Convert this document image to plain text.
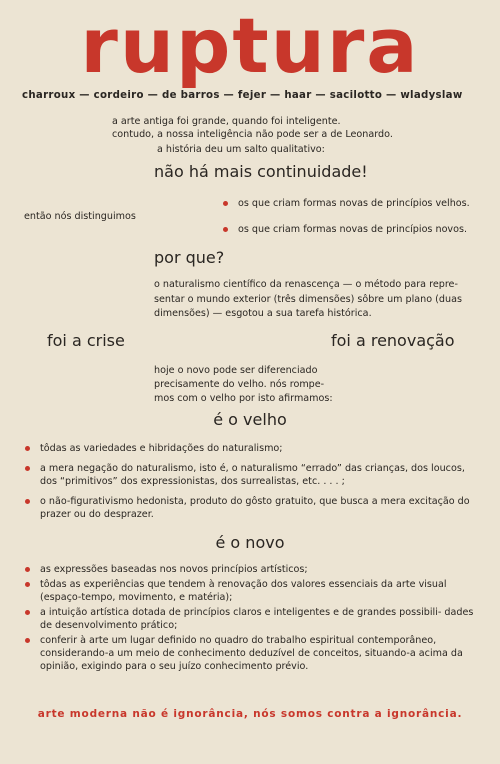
ruptura
charroux — cordeiro — de barros — fejer — haar — sacilotto — wladyslaw
a arte antiga foi grande, quando foi inteligente.
contudo, a nossa inteligência não pode ser a de Leonardo.
a história deu um salto qualitativo:
não há mais continuidade!
os que criam formas novas de princípios velhos.
então nós distinguimos
os que criam formas novas de princípios novos.
por que?
o naturalismo científico da renascença — o método para repre-
sentar o mundo exterior (três dimensões) sôbre um plano (duas
dimensões) — esgotou a sua tarefa histórica.
foi a crise	foi a renovação
hoje o novo pode ser diferenciado
precisamente do velho. nós rompe-
mos com o velho por isto afirmamos:
é o velho
tôdas as variedades e hibridações do naturalismo;
a mera negação do naturalismo, isto é, o naturalismo “errado” das crianças, dos loucos, dos “primitivos” dos expressionistas, dos surrealistas, etc. . . . ;
o não-figurativismo hedonista, produto do gôsto gratuito, que busca a mera excitação do prazer ou do desprazer.
é o novo
as expressões baseadas nos novos princípios artísticos;
tôdas as experiências que tendem à renovação dos valores essenciais da arte visual (espaço-tempo, movimento, e matéria);
a intuição artística dotada de princípios claros e inteligentes e de grandes possibili- dades de desenvolvimento prático;
conferir à arte um lugar definido no quadro do trabalho espiritual contemporâneo, considerando-a um meio de conhecimento deduzível de conceitos, situando-a acima da opinião, exigindo para o seu juízo conhecimento prévio.
arte moderna não é ignorância, nós somos contra a ignorância.
